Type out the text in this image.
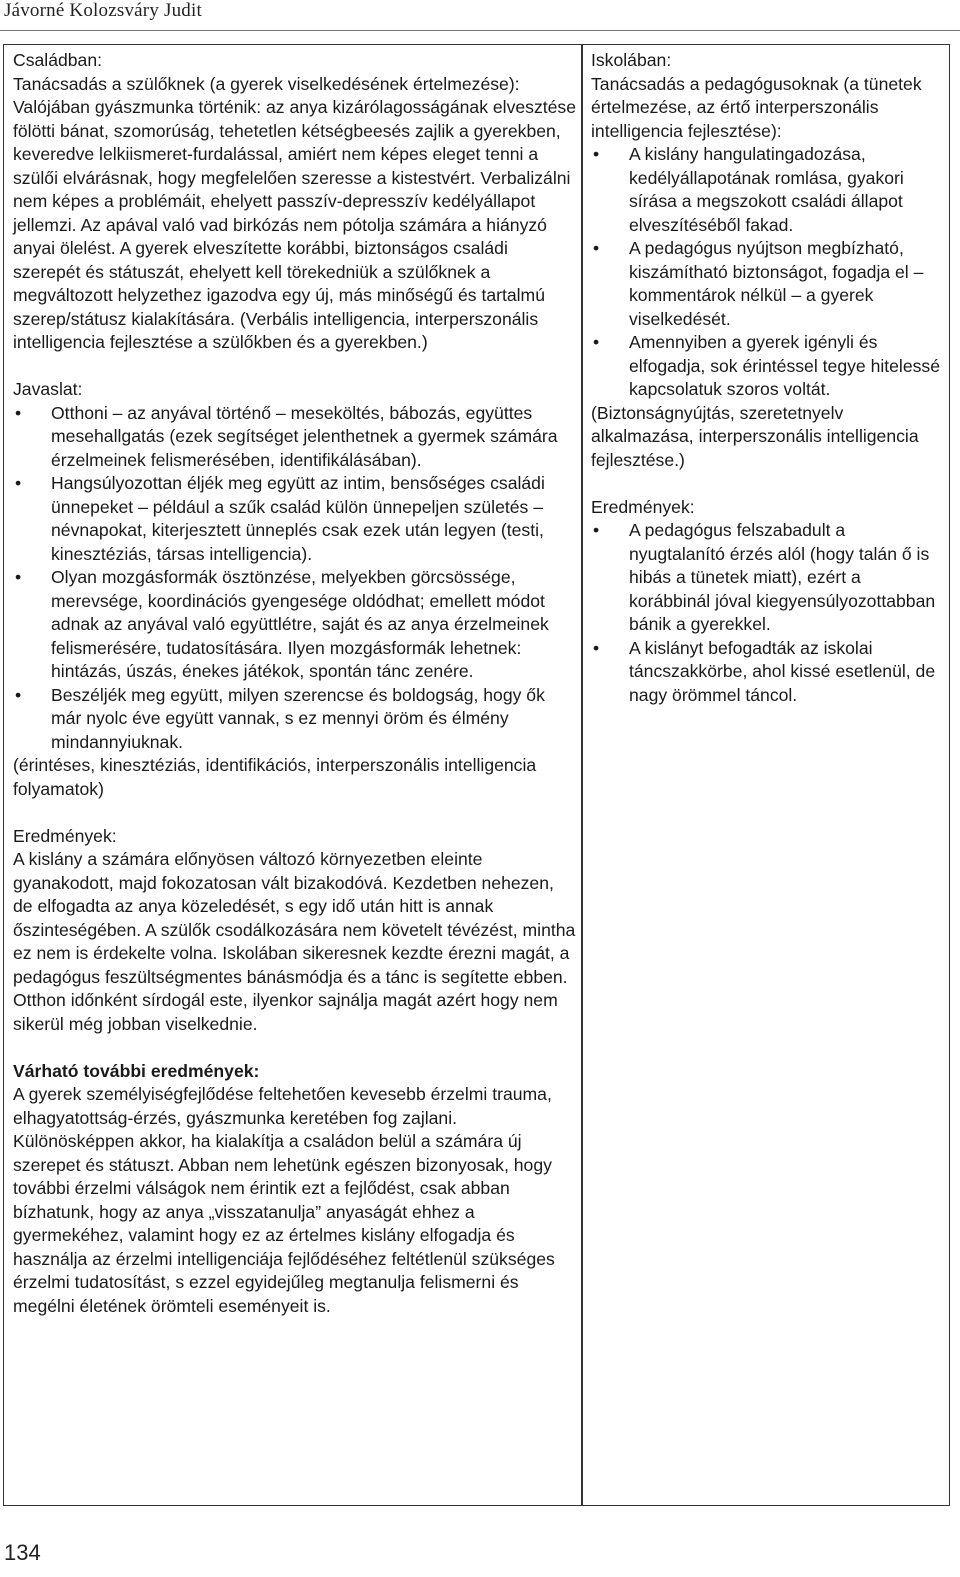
Jávorné Kolozsváry Judit
Családban:
Tanácsadás a szülőknek (a gyerek viselkedésének értelmezése):
Valójában gyászmunka történik: az anya kizárólagosságának elvesztése fölötti bánat, szomorúság, tehetetlen kétségbeesés zajlik a gyerekben, keveredve lelkiismeret-furdalással, amiért nem képes eleget tenni a szülői elvárásnak, hogy megfelelően szeresse a kistestvért. Verbalizálni nem képes a problémáit, ehelyett passzív-depresszív kedélyállapot jellemzi. Az apával való vad birkózás nem pótolja számára a hiányzó anyai ölelést. A gyerek elveszítette korábbi, biztonságos családi szerepét és státuszát, ehelyett kell törekedniük a szülőknek a megváltozott helyzethez igazodva egy új, más minőségű és tartalmú szerep/státusz kialakítására. (Verbális intelligencia, interperszonális intelligencia fejlesztése a szülőkben és a gyerekben.)
Javaslat:
• Otthoni – az anyával történő – meseköltés, bábozás, együttes mesehallgatás (ezek segítséget jelenthetnek a gyermek számára érzelmeinek felismerésében, identifikálásában).
• Hangsúlyozottan éljék meg együtt az intim, bensőséges családi ünnepeket – például a szűk család külön ünnepeljen születés – névnapokat, kiterjesztett ünneplés csak ezek után legyen (testi, kinesztéziás, társas intelligencia).
• Olyan mozgásformák ösztönzése, melyekben görcsössége, merevsége, koordinációs gyengesége oldódhat; emellett módot adnak az anyával való együttlétre, saját és az anya érzelmeinek felismerésére, tudatosítására. Ilyen mozgásformák lehetnek: hintázás, úszás, énekes játékok, spontán tánc zenére.
• Beszéljék meg együtt, milyen szerencse és boldogság, hogy ők már nyolc éve együtt vannak, s ez mennyi öröm és élmény mindannyiuknak.
(érintéses, kinesztéziás, identifikációs, interperszonális intelligencia folyamatok)
Eredmények:
A kislány a számára előnyösen változó környezetben eleinte gyanakodott, majd fokozatosan vált bizakodóvá. Kezdetben nehezen, de elfogadta az anya közeledését, s egy idő után hitt is annak őszinteségében. A szülők csodálkozására nem követelt tévézést, mintha ez nem is érdekelte volna. Iskolában sikeresnek kezdte érezni magát, a pedagógus feszültségmentes bánásmódja és a tánc is segítette ebben. Otthon időnként sírdogál este, ilyenkor sajnálja magát azért hogy nem sikerül még jobban viselkednie.
Várható további eredmények:
A gyerek személyiségfejlődése feltehetően kevesebb érzelmi trauma, elhagyatottság-érzés, gyászmunka keretében fog zajlani. Különösképpen akkor, ha kialakítja a családon belül a számára új szerepet és státuszt. Abban nem lehetünk egészen bizonyosak, hogy további érzelmi válságok nem érintik ezt a fejlődést, csak abban bízhatunk, hogy az anya „visszatanulja” anyaságát ehhez a gyermekéhez, valamint hogy ez az értelmes kislány elfogadja és használja az érzelmi intelligenciája fejlődéséhez feltétlenül szükséges érzelmi tudatosítást, s ezzel egyidejűleg megtanulja felismerni és megélni életének örömteli eseményeit is.
Iskolában:
Tanácsadás a pedagógusoknak (a tünetek értelmezése, az értő interperszonális intelligencia fejlesztése):
• A kislány hangulatingadozása, kedélyállapotának romlása, gyakori sírása a megszokott családi állapot elveszítéséből fakad.
• A pedagógus nyújtson megbízható, kiszámítható biztonságot, fogadja el – kommentárok nélkül – a gyerek viselkedését.
• Amennyiben a gyerek igényli és elfogadja, sok érintéssel tegye hitelessé kapcsolatuk szoros voltát.
(Biztonságnyújtás, szeretetnyelv alkalmazása, interperszonális intelligencia fejlesztése.)
Eredmények:
• A pedagógus felszabadult a nyugtalanító érzés alól (hogy talán ő is hibás a tünetek miatt), ezért a korábbinál jóval kiegyensúlyozottabban bánik a gyerekkel.
• A kislányt befogadták az iskolai táncszakkörbe, ahol kissé esetlenül, de nagy örömmel táncol.
134
